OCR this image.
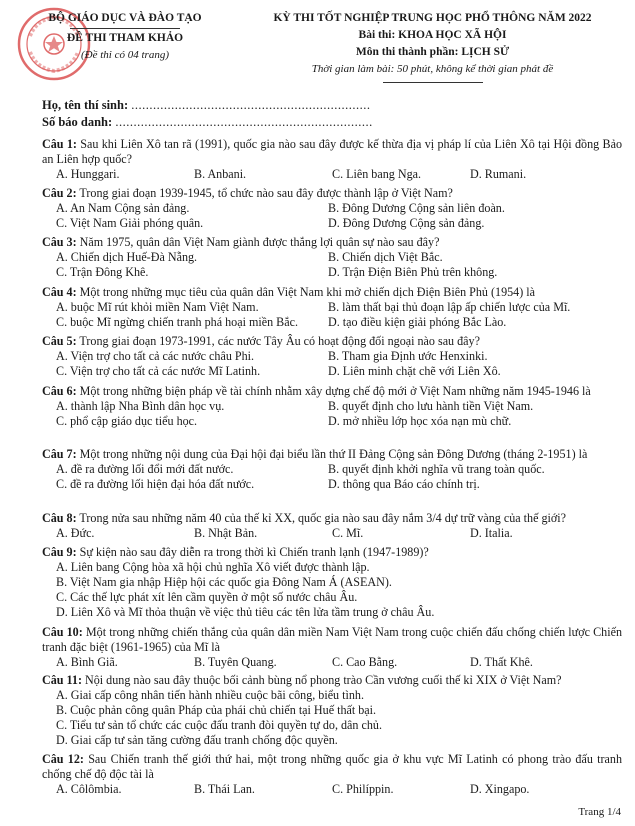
BỘ GIÁO DỤC VÀ ĐÀO TẠO
ĐỀ THI THAM KHẢO
(Đề thi có 04 trang)
KỲ THI TỐT NGHIỆP TRUNG HỌC PHỔ THÔNG NĂM 2022
Bài thi: KHOA HỌC XÃ HỘI
Môn thi thành phần: LỊCH SỬ
Thời gian làm bài: 50 phút, không kể thời gian phát đề
Họ, tên thí sinh: ..................................................................
Số báo danh: .......................................................................
Câu 1: Sau khi Liên Xô tan rã (1991), quốc gia nào sau đây được kế thừa địa vị pháp lí của Liên Xô tại Hội đồng Bảo an Liên hợp quốc?
A. Hunggari.	B. Anbani.	C. Liên bang Nga.	D. Rumani.
Câu 2: Trong giai đoạn 1939-1945, tổ chức nào sau đây được thành lập ở Việt Nam?
A. An Nam Cộng sản đảng.	B. Đông Dương Cộng sản liên đoàn.
C. Việt Nam Giải phóng quân.	D. Đông Dương Cộng sản đảng.
Câu 3: Năm 1975, quân dân Việt Nam giành được thắng lợi quân sự nào sau đây?
A. Chiến dịch Huế-Đà Nẵng.	B. Chiến dịch Việt Bắc.
C. Trận Đông Khê.	D. Trận Điện Biên Phủ trên không.
Câu 4: Một trong những mục tiêu của quân dân Việt Nam khi mở chiến dịch Điện Biên Phủ (1954) là
A. buộc Mĩ rút khỏi miền Nam Việt Nam.	B. làm thất bại thủ đoạn lập ấp chiến lược của Mĩ.
C. buộc Mĩ ngừng chiến tranh phá hoại miền Bắc.	D. tạo điều kiện giải phóng Bắc Lào.
Câu 5: Trong giai đoạn 1973-1991, các nước Tây Âu có hoạt động đối ngoại nào sau đây?
A. Viện trợ cho tất cả các nước châu Phi.	B. Tham gia Định ước Henxinki.
C. Viện trợ cho tất cả các nước Mĩ Latinh.	D. Liên minh chặt chẽ với Liên Xô.
Câu 6: Một trong những biện pháp về tài chính nhằm xây dựng chế độ mới ở Việt Nam những năm 1945-1946 là
A. thành lập Nha Bình dân học vụ.	B. quyết định cho lưu hành tiền Việt Nam.
C. phổ cập giáo dục tiểu học.	D. mở nhiều lớp học xóa nạn mù chữ.
Câu 7: Một trong những nội dung của Đại hội đại biểu lần thứ II Đảng Cộng sản Đông Dương (tháng 2-1951) là
A. đề ra đường lối đổi mới đất nước.	B. quyết định khởi nghĩa vũ trang toàn quốc.
C. đề ra đường lối hiện đại hóa đất nước.	D. thông qua Báo cáo chính trị.
Câu 8: Trong nửa sau những năm 40 của thế kỉ XX, quốc gia nào sau đây nắm 3/4 dự trữ vàng của thế giới?
A. Đức.	B. Nhật Bản.	C. Mĩ.	D. Italia.
Câu 9: Sự kiện nào sau đây diễn ra trong thời kì Chiến tranh lạnh (1947-1989)?
A. Liên bang Cộng hòa xã hội chủ nghĩa Xô viết được thành lập.
B. Việt Nam gia nhập Hiệp hội các quốc gia Đông Nam Á (ASEAN).
C. Các thế lực phát xít lên cầm quyền ở một số nước châu Âu.
D. Liên Xô và Mĩ thỏa thuận về việc thủ tiêu các tên lửa tầm trung ở châu Âu.
Câu 10: Một trong những chiến thắng của quân dân miền Nam Việt Nam trong cuộc chiến đấu chống chiến lược Chiến tranh đặc biệt (1961-1965) của Mĩ là
A. Bình Giã.	B. Tuyên Quang.	C. Cao Bằng.	D. Thất Khê.
Câu 11: Nội dung nào sau đây thuộc bối cảnh bùng nổ phong trào Cần vương cuối thế kỉ XIX ở Việt Nam?
A. Giai cấp công nhân tiến hành nhiều cuộc bãi công, biểu tình.
B. Cuộc phản công quân Pháp của phái chủ chiến tại Huế thất bại.
C. Tiểu tư sản tổ chức các cuộc đấu tranh đòi quyền tự do, dân chủ.
D. Giai cấp tư sản tăng cường đấu tranh chống độc quyền.
Câu 12: Sau Chiến tranh thế giới thứ hai, một trong những quốc gia ở khu vực Mĩ Latinh có phong trào đấu tranh chống chế độ độc tài là
A. Côlômbia.	B. Thái Lan.	C. Philíppin.	D. Xingapo.
Trang 1/4
